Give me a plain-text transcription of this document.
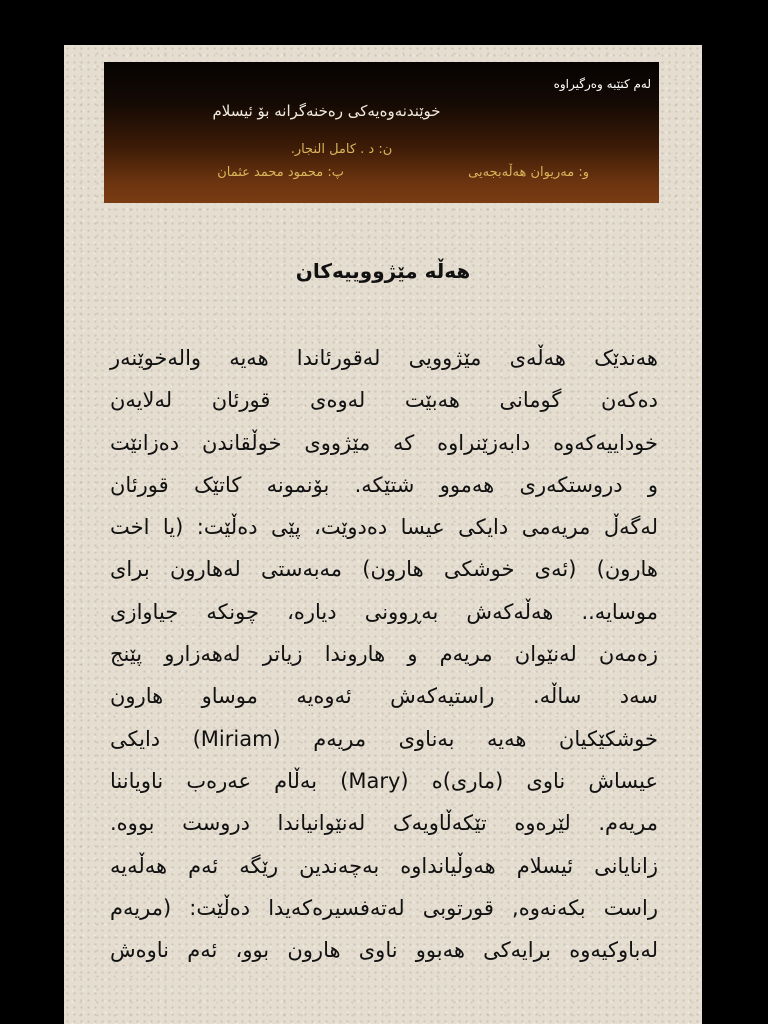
لەم کتێبە وەرگیراوە
خوێندنەوەیەکی رەخنەگرانە بۆ ئیسلام
ن: د . كامل النجار.
و: مەریوان هەڵەبجەیی
پ: محمود محمد عثمان
هەڵە مێژووییەکان
هەندێک هەڵەی مێژوویی لەقورئاندا هەیە والەخوێنەر
دەکەن گومانی هەبێت لەوەی قورئان لەلایەن
خوداییەکەوە دابەزێنراوە کە مێژووی خوڵقاندن دەزانێت
و دروستکەری هەموو شتێکە. بۆنمونە کاتێک قورئان
لەگەڵ مریەمی دایکی عیسا دەدوێت، پێی دەڵێت: (یا اخت
هارون) (ئەی خوشکی هارون) مەبەستی لەهارون برای
موسایە.. هەڵەکەش بەڕوونی دیارە، چونکە جیاوازی
زەمەن لەنێوان مریەم و هاروندا زیاتر لەهەزارو پێنج
سەد ساڵە. راستیەکەش ئەوەیە موساو هارون
خوشکێکیان هەیە بەناوی مریەم (Miriam) دایکی
عیساش ناوی (ماری)ە (Mary) بەڵام عەرەب ناویاننا
مریەم. لێرەوە تێکەڵاویەک لەنێوانیاندا دروست بووە.
زانایانی ئیسلام هەوڵیانداوە بەچەندین رێگە ئەم هەڵەیە
راست بکەنەوە, قورتوبی لەتەفسیرەکەیدا دەڵێت: (مریەم
لەباوکیەوە برایەکی هەبوو ناوی هارون بوو، ئەم ناوەش
